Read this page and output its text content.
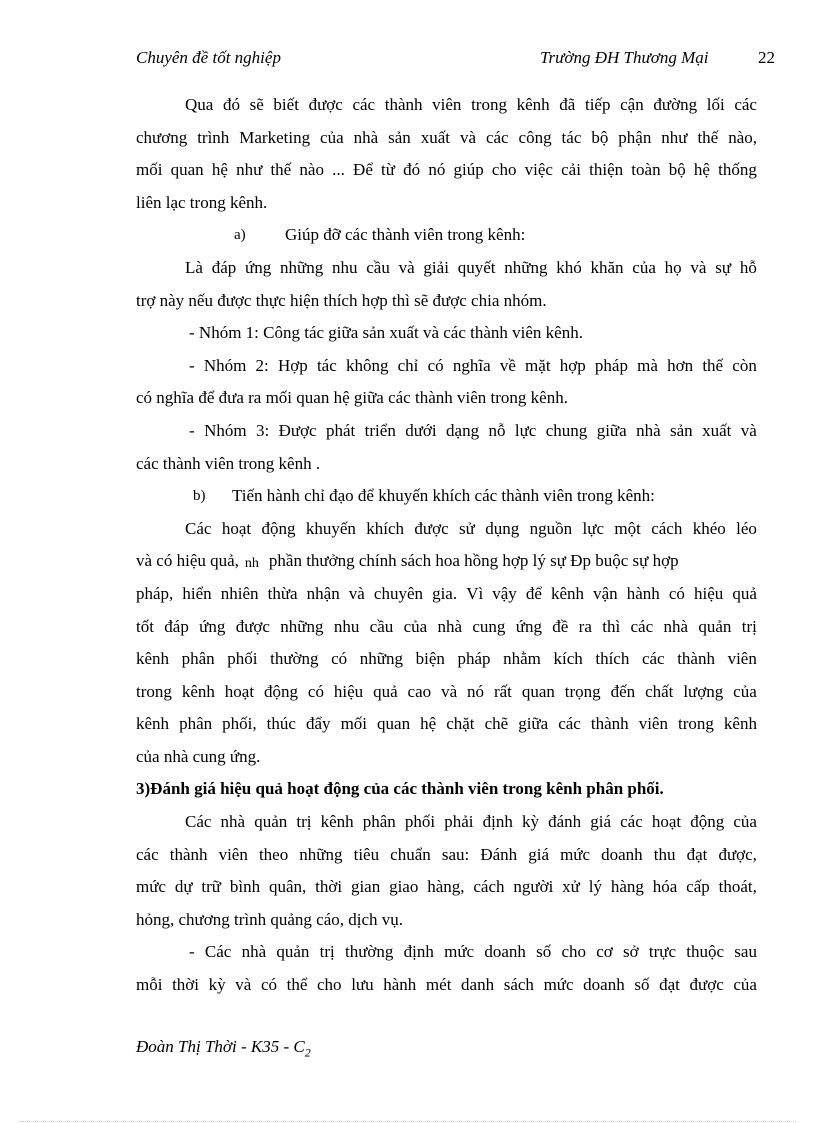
Chuyên đề tốt nghiệp	Trường ĐH Thương Mại	22
Qua đó sẽ biết được các thành viên trong kênh đã tiếp cận đường lối các
chương trình Marketing của nhà sản xuất và các công tác bộ phận như thế nào,
mối quan hệ như thế nào ... Để từ đó nó giúp cho việc cải thiện toàn bộ hệ thống
liên lạc trong kênh.
a)	Giúp đỡ các thành viên trong kênh:
Là đáp ứng những nhu cầu và giải quyết những khó khăn của họ và sự hỗ
trợ này nếu được thực hiện thích hợp thì sẽ được chia nhóm.
- Nhóm 1: Công tác giữa sản xuất và các thành viên kênh.
- Nhóm 2: Hợp tác không chỉ có nghĩa về mặt hợp pháp mà hơn thế còn
có nghĩa để đưa ra mối quan hệ giữa các thành viên trong kênh.
- Nhóm 3: Được phát triển dưới dạng nỗ lực chung giữa nhà sản xuất và
các thành viên trong kênh .
b)	Tiến hành chỉ đạo để khuyến khích các thành viên trong kênh:
Các hoạt động khuyến khích được sử dụng nguồn lực một cách khéo léo
và có hiệu quả, nh phần thưởng chính sách hoa hồng hợp lý sự Đp buộc sự hợp
pháp, hiển nhiên thừa nhận và chuyên gia. Vì vậy để kênh vận hành có hiệu quả
tốt đáp ứng được những nhu cầu của nhà cung ứng đề ra thì các nhà quản trị
kênh phân phối thường có những biện pháp nhằm kích thích các thành viên
trong kênh hoạt động có hiệu quả cao và nó rất quan trọng đến chất lượng của
kênh phân phối, thúc đẩy mối quan hệ chặt chẽ giữa các thành viên trong kênh
của nhà cung ứng.
3)Đánh giá hiệu quả hoạt động của các thành viên trong kênh phân phối.
Các nhà quản trị kênh phân phối phải định kỳ đánh giá các hoạt động của
các thành viên theo những tiêu chuẩn sau: Đánh giá mức doanh thu đạt được,
mức dự trữ bình quân, thời gian giao hàng, cách người xử lý hàng hóa cấp thoát,
hỏng, chương trình quảng cáo, dịch vụ.
- Các nhà quản trị thường định mức doanh số cho cơ sở trực thuộc sau
mỗi thời kỳ và có thể cho lưu hành mét danh sách mức doanh số đạt được của
Đoàn Thị Thời - $K35 - C_2$
